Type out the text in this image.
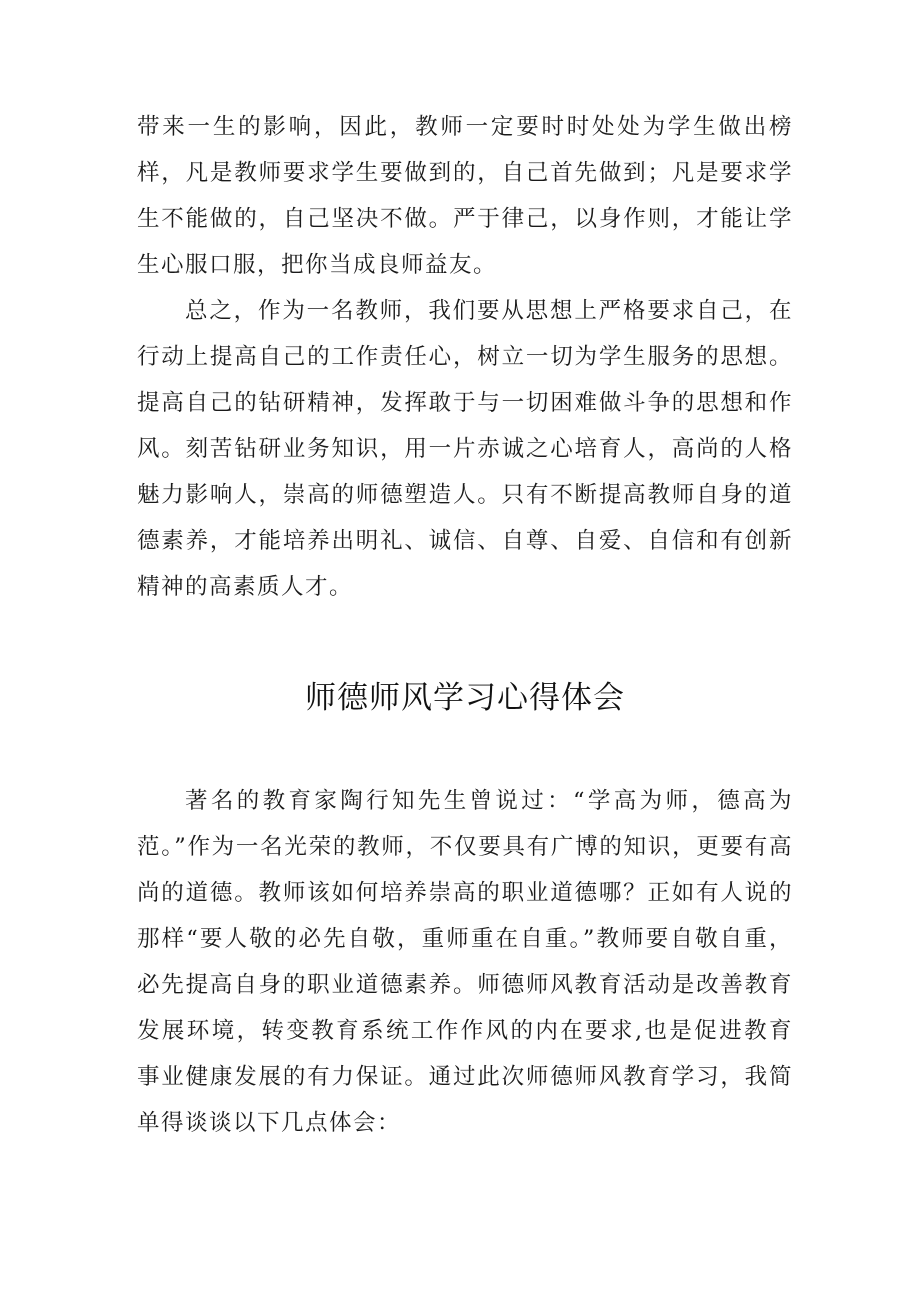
带来一生的影响，因此，教师一定要时时处处为学生做出榜样，凡是教师要求学生要做到的，自己首先做到；凡是要求学生不能做的，自己坚决不做。严于律己，以身作则，才能让学生心服口服，把你当成良师益友。

总之，作为一名教师，我们要从思想上严格要求自己，在行动上提高自己的工作责任心，树立一切为学生服务的思想。提高自己的钻研精神，发挥敢于与一切困难做斗争的思想和作风。刻苦钻研业务知识，用一片赤诚之心培育人，高尚的人格魅力影响人，崇高的师德塑造人。只有不断提高教师自身的道德素养，才能培养出明礼、诚信、自尊、自爱、自信和有创新精神的高素质人才。

师德师风学习心得体会

著名的教育家陶行知先生曾说过：“学高为师，德高为范。”作为一名光荣的教师，不仅要具有广博的知识，更要有高尚的道德。教师该如何培养崇高的职业道德哪？正如有人说的那样“要人敬的必先自敬，重师重在自重。”教师要自敬自重，必先提高自身的职业道德素养。师德师风教育活动是改善教育发展环境，转变教育系统工作作风的内在要求,也是促进教育事业健康发展的有力保证。通过此次师德师风教育学习，我简单得谈谈以下几点体会：
